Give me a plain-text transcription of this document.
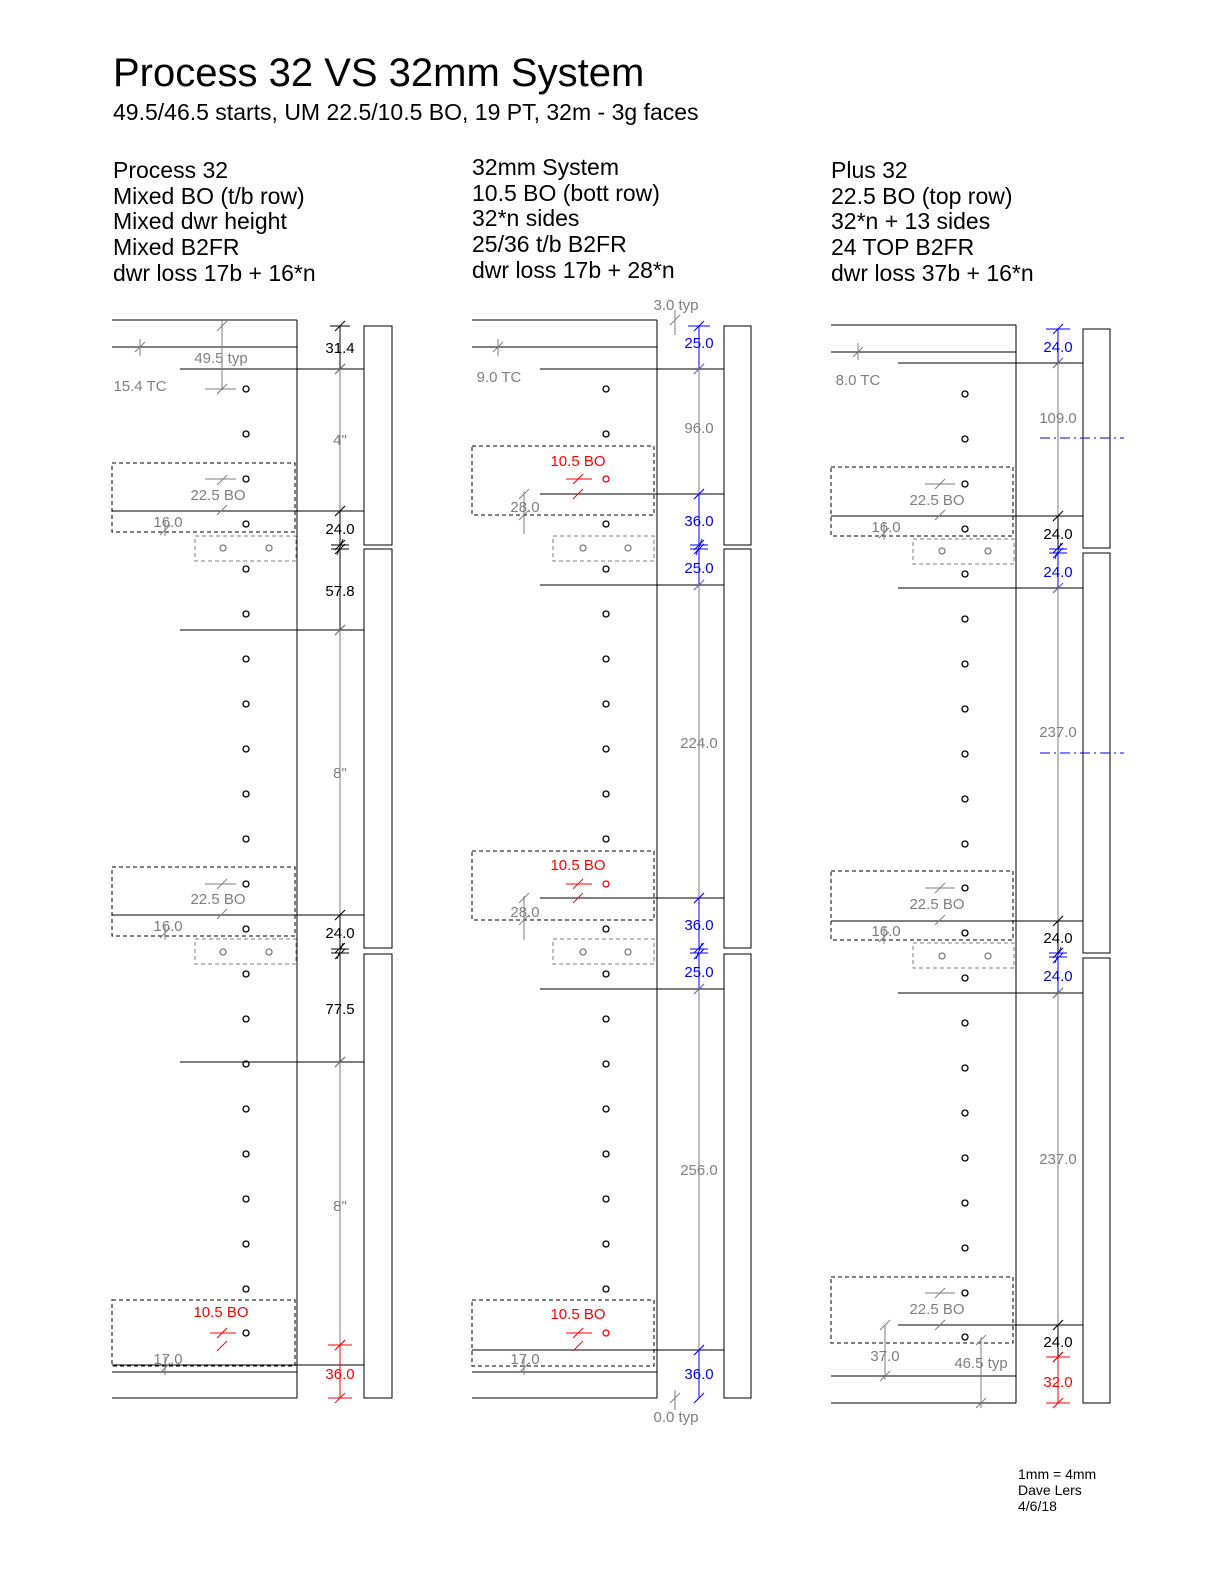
Process 32 VS 32mm System
49.5/46.5 starts, UM 22.5/10.5 BO, 19 PT, 32m - 3g faces
Process 32
Mixed BO (t/b row)
Mixed dwr height
Mixed B2FR
dwr loss 17b + 16*n
32mm System
10.5 BO (bott row)
32*n sides
25/36 t/b B2FR
dwr loss 17b + 28*n
Plus 32
22.5 BO (top row)
32*n + 13 sides
24 TOP B2FR
dwr loss 37b + 16*n
31.4
4"
24.0
57.8
8"
24.0
77.5
8"
36.0
49.5 typ
15.4 TC
22.5 BO
16.0
22.5 BO
16.0
10.5 BO
17.0
25.0
96.0
36.0
25.0
224.0
36.0
25.0
256.0
36.0
3.0 typ
0.0 typ
9.0 TC
10.5 BO
28.0
10.5 BO
28.0
10.5 BO
17.0
24.0
109.0
24.0
24.0
237.0
24.0
24.0
237.0
24.0
32.0
8.0 TC
22.5 BO
16.0
22.5 BO
16.0
22.5 BO
37.0	46.5 typ
1mm = 4mm
Dave Lers
4/6/18
